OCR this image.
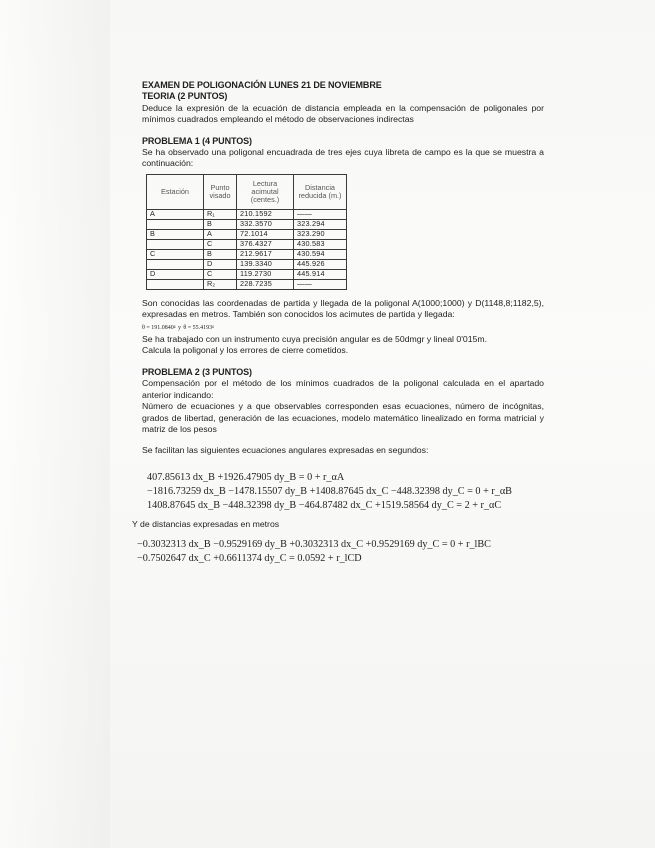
EXAMEN DE POLIGONACIÓN LUNES 21 DE NOVIEMBRE
TEORIA (2 PUNTOS)

Deduce la expresión de la ecuación de distancia empleada en la compensación de poligonales por mínimos cuadrados empleando el método de observaciones indirectas

PROBLEMA 1 (4 PUNTOS)

Se ha observado una poligonal encuadrada de tres ejes cuya libreta de campo es la que se muestra a continuación:

Estación	Punto visado	Lectura acimutal (centes.)	Distancia reducida (m.)
A	R₁	210.1592	——
	B	332.3570	323.294
B	A	72.1014	323.290
	C	376.4327	430.583
C	B	212.9617	430.594
	D	139.3340	445.926
D	C	119.2730	445.914
	R₂	228.7235	——

Son conocidas las coordenadas de partida y llegada de la poligonal A(1000;1000) y D(1148,8;1182,5), expresadas en metros. También son conocidos los acimutes de partida y llegada:

θ = 191.0840ᵍ y θ = 55.4193ᵍ

Se ha trabajado con un instrumento cuya precisión angular es de 50dmgr y lineal 0'015m.

Calcula la poligonal y los errores de cierre cometidos.

PROBLEMA 2 (3 PUNTOS)

Compensación por el método de los mínimos cuadrados de la poligonal calculada en el apartado anterior indicando:

Número de ecuaciones y a que observables corresponden esas ecuaciones, número de incógnitas, grados de libertad, generación de las ecuaciones, modelo matemático linealizado en forma matricial y matriz de los pesos

Se facilitan las siguientes ecuaciones angulares expresadas en segundos:

407.85613 dx_B +1926.47905 dy_B = 0 + r_αA
−1816.73259 dx_B −1478.15507 dy_B +1408.87645 dx_C −448.32398 dy_C = 0 + r_αB
1408.87645 dx_B −448.32398 dy_B −464.87482 dx_C +1519.58564 dy_C = 2 + r_αC

Y de distancias expresadas en metros

−0.3032313 dx_B −0.9529169 dy_B +0.3032313 dx_C +0.9529169 dy_C = 0 + r_lBC
−0.7502647 dx_C +0.6611374 dy_C = 0.0592 + r_lCD
